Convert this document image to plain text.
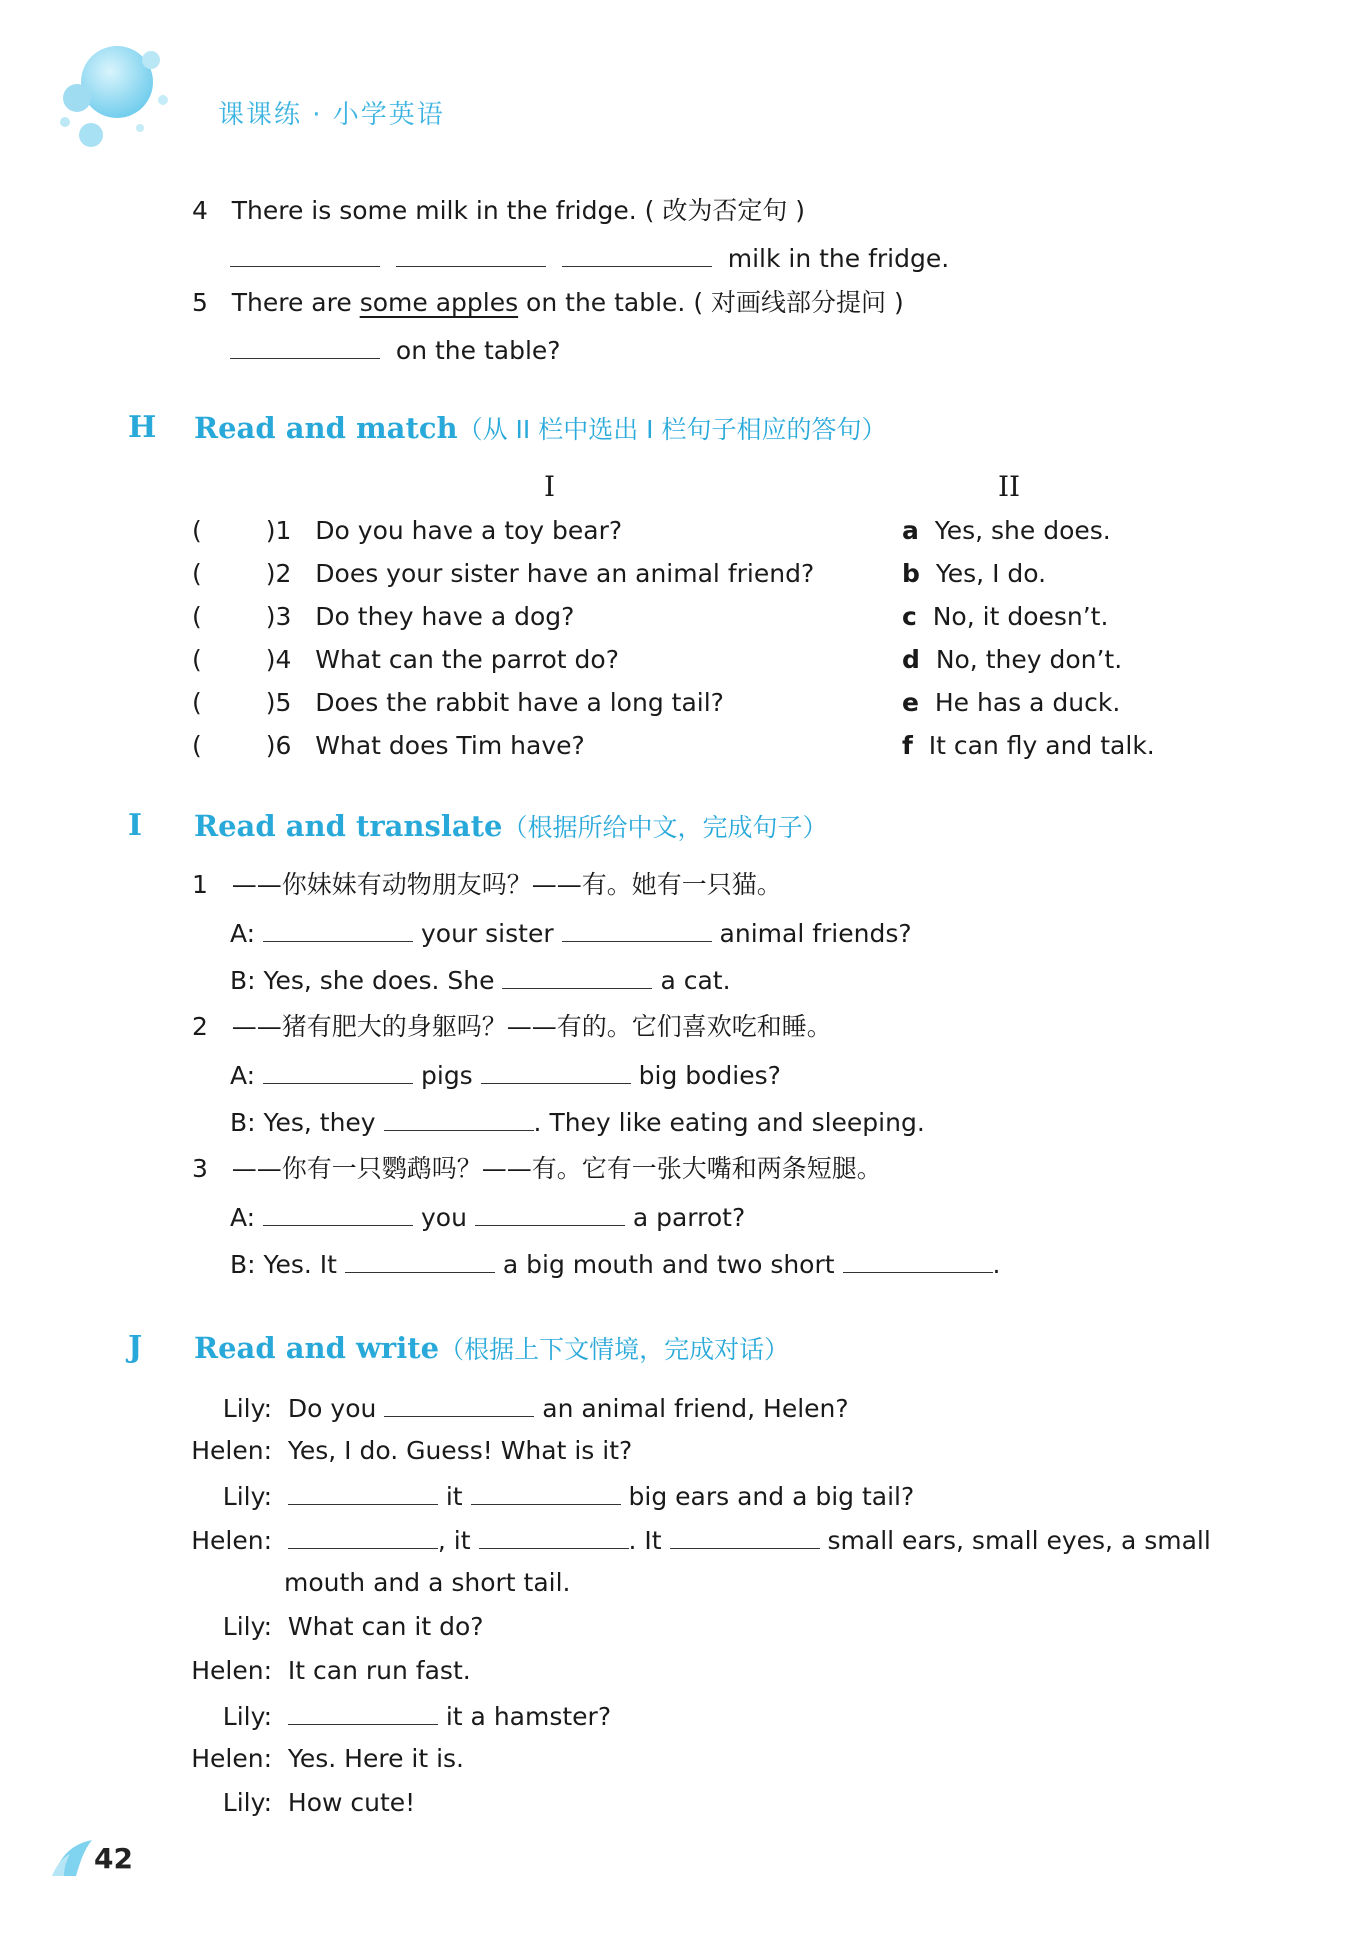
课课练 · 小学英语
4 There is some milk in the fridge. ( 改为否定句 )
milk in the fridge.
5 There are some apples on the table. ( 对画线部分提问 )
on the table?
H Read and match（从 II 栏中选出 I 栏句子相应的答句）
I	II
(	)1 Do you have a toy bear?	a Yes, she does.
(	)2 Does your sister have an animal friend?	b Yes, I do.
(	)3 Do they have a dog?	c No, it doesn’t.
(	)4 What can the parrot do?	d No, they don’t.
(	)5 Does the rabbit have a long tail?	e He has a duck.
(	)6 What does Tim have?	f It can fly and talk.
I Read and translate（根据所给中文，完成句子）
1 ——你妹妹有动物朋友吗？——有。她有一只猫。
A:	your sister	animal friends?
B: Yes, she does. She	a cat.
2 ——猪有肥大的身躯吗？——有的。它们喜欢吃和睡。
A:	pigs	big bodies?
B: Yes, they	. They like eating and sleeping.
3 ——你有一只鹦鹉吗？——有。它有一张大嘴和两条短腿。
A:	you	a parrot?
B: Yes. It	a big mouth and two short	.
J Read and write（根据上下文情境，完成对话）
Lily: Do you	an animal friend, Helen?
Helen: Yes, I do. Guess! What is it?
Lily:	it	big ears and a big tail?
Helen:	, it	. It	small ears, small eyes, a small
mouth and a short tail.
Lily: What can it do?
Helen: It can run fast.
Lily:	it a hamster?
Helen: Yes. Here it is.
Lily: How cute!
42
